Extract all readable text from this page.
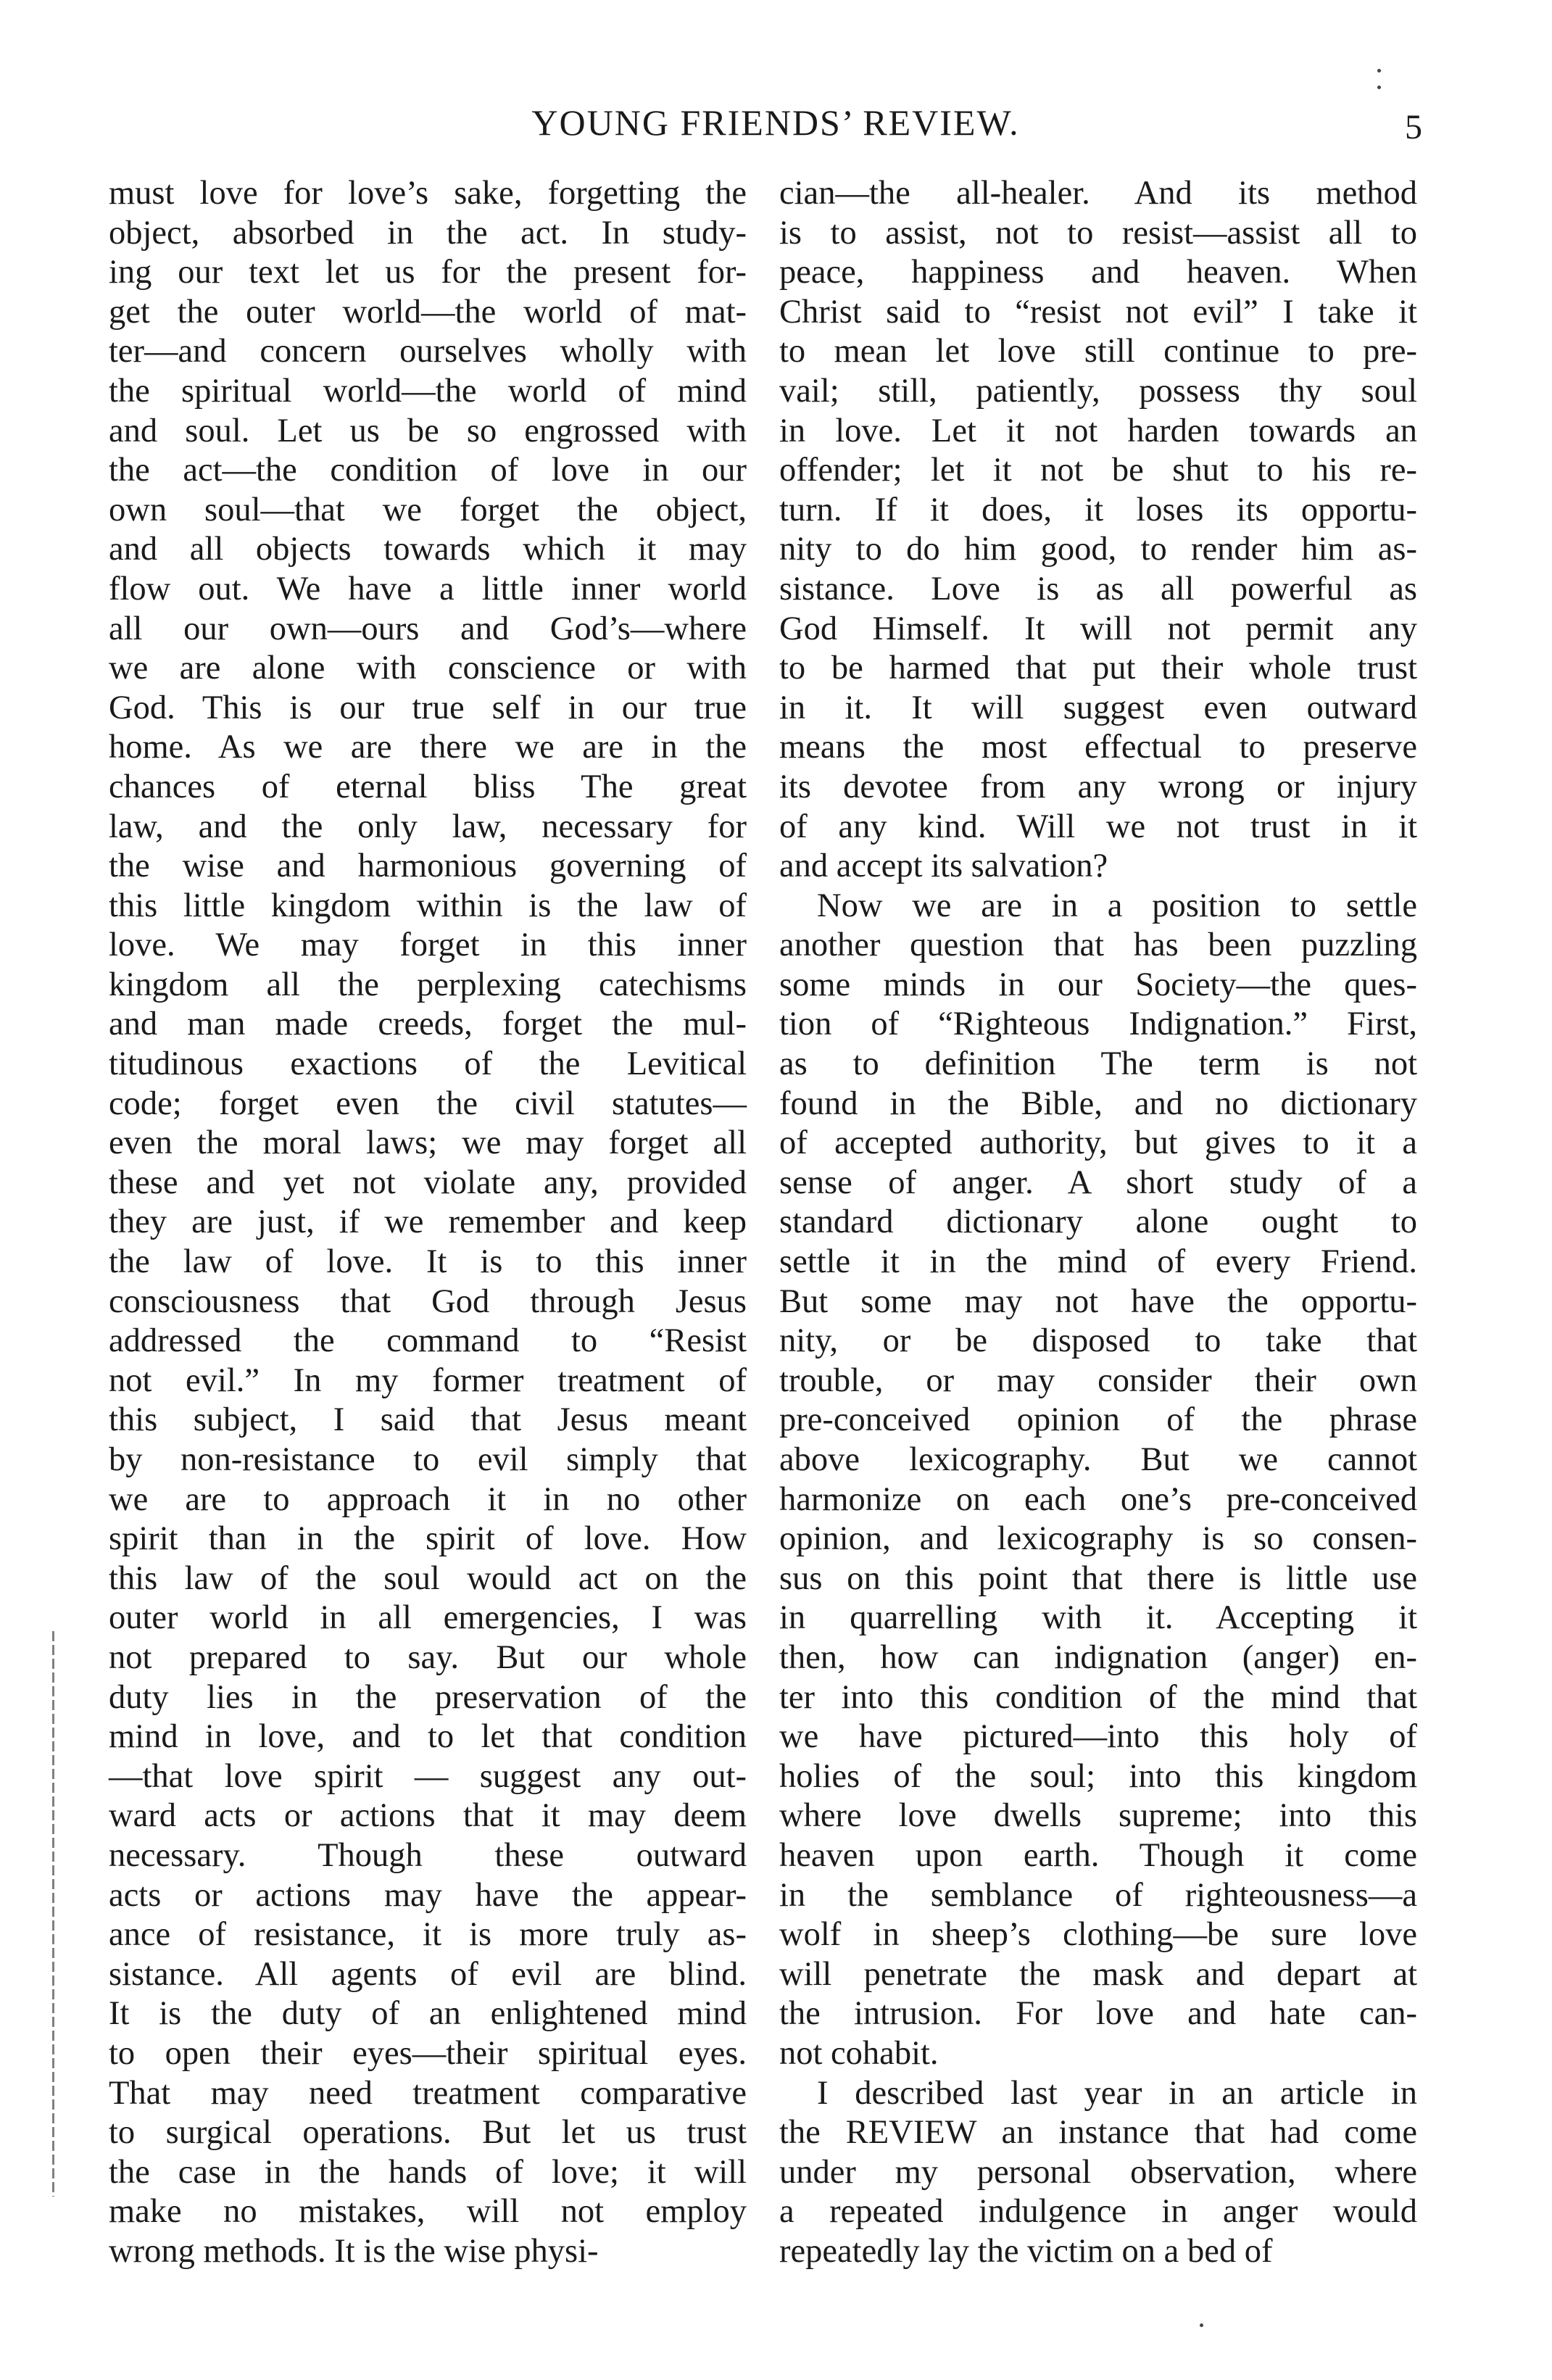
YOUNG FRIENDS’ REVIEW.	5
must love for love’s sake, forgetting the
object, absorbed in the act. In study-
ing our text let us for the present for-
get the outer world—the world of mat-
ter—and concern ourselves wholly with
the spiritual world—the world of mind
and soul. Let us be so engrossed with
the act—the condition of love in our
own soul—that we forget the object,
and all objects towards which it may
flow out. We have a little inner world
all our own—ours and God’s—where
we are alone with conscience or with
God. This is our true self in our true
home. As we are there we are in the
chances of eternal bliss The great
law, and the only law, necessary for
the wise and harmonious governing of
this little kingdom within is the law of
love. We may forget in this inner
kingdom all the perplexing catechisms
and man made creeds, forget the mul-
titudinous exactions of the Levitical
code; forget even the civil statutes—
even the moral laws; we may forget all
these and yet not violate any, provided
they are just, if we remember and keep
the law of love. It is to this inner
consciousness that God through Jesus
addressed the command to “Resist
not evil.” In my former treatment of
this subject, I said that Jesus meant
by non-resistance to evil simply that
we are to approach it in no other
spirit than in the spirit of love. How
this law of the soul would act on the
outer world in all emergencies, I was
not prepared to say. But our whole
duty lies in the preservation of the
mind in love, and to let that condition
—that love spirit — suggest any out-
ward acts or actions that it may deem
necessary. Though these outward
acts or actions may have the appear-
ance of resistance, it is more truly as-
sistance. All agents of evil are blind.
It is the duty of an enlightened mind
to open their eyes—their spiritual eyes.
That may need treatment comparative
to surgical operations. But let us trust
the case in the hands of love; it will
make no mistakes, will not employ
wrong methods. It is the wise physi-
cian—the all-healer. And its method
is to assist, not to resist—assist all to
peace, happiness and heaven. When
Christ said to “resist not evil” I take it
to mean let love still continue to pre-
vail; still, patiently, possess thy soul
in love. Let it not harden towards an
offender; let it not be shut to his re-
turn. If it does, it loses its opportu-
nity to do him good, to render him as-
sistance. Love is as all powerful as
God Himself. It will not permit any
to be harmed that put their whole trust
in it. It will suggest even outward
means the most effectual to preserve
its devotee from any wrong or injury
of any kind. Will we not trust in it
and accept its salvation?
Now we are in a position to settle
another question that has been puzzling
some minds in our Society—the ques-
tion of “Righteous Indignation.” First,
as to definition The term is not
found in the Bible, and no dictionary
of accepted authority, but gives to it a
sense of anger. A short study of a
standard dictionary alone ought to
settle it in the mind of every Friend.
But some may not have the opportu-
nity, or be disposed to take that
trouble, or may consider their own
pre-conceived opinion of the phrase
above lexicography. But we cannot
harmonize on each one’s pre-conceived
opinion, and lexicography is so consen-
sus on this point that there is little use
in quarrelling with it. Accepting it
then, how can indignation (anger) en-
ter into this condition of the mind that
we have pictured—into this holy of
holies of the soul; into this kingdom
where love dwells supreme; into this
heaven upon earth. Though it come
in the semblance of righteousness—a
wolf in sheep’s clothing—be sure love
will penetrate the mask and depart at
the intrusion. For love and hate can-
not cohabit.
I described last year in an article in
the REVIEW an instance that had come
under my personal observation, where
a repeated indulgence in anger would
repeatedly lay the victim on a bed of
